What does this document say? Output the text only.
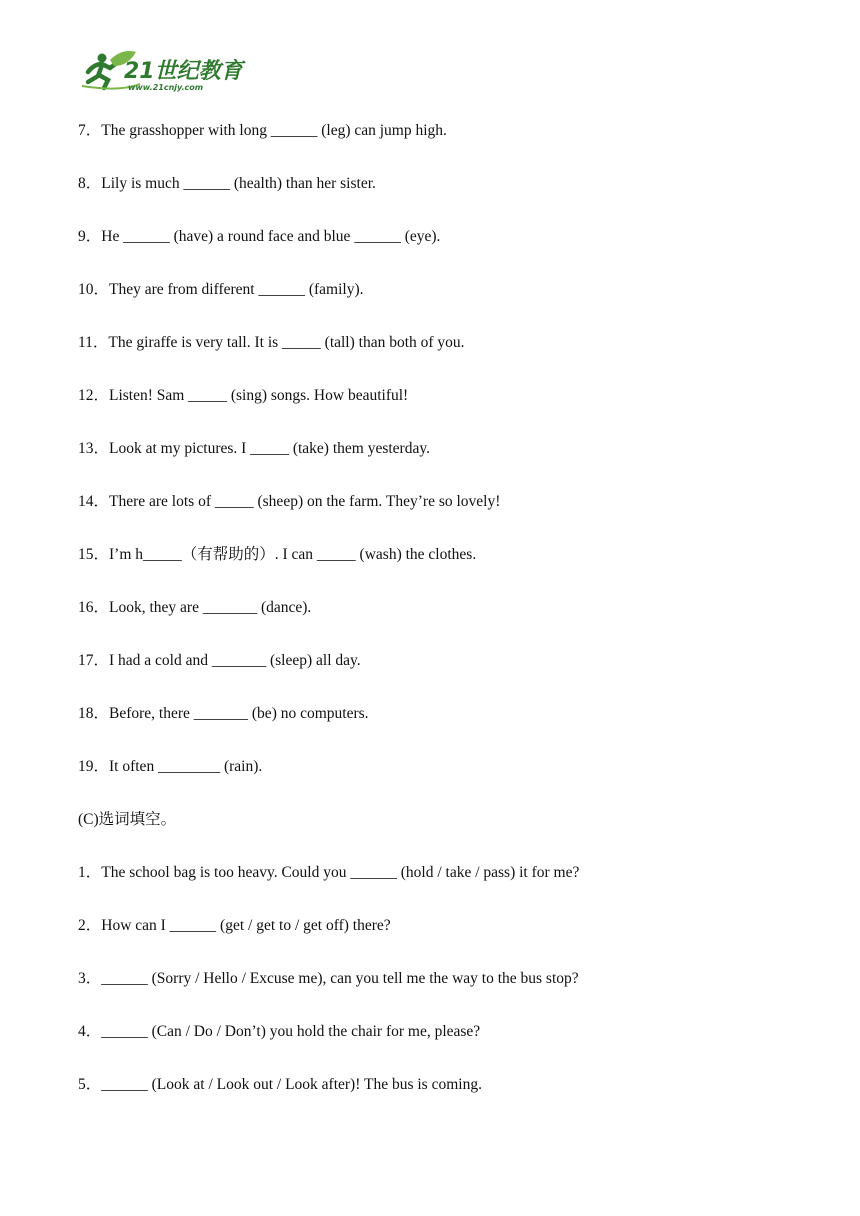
21世纪教育
www.21cnjy.com
7．The grasshopper with long ______ (leg) can jump high.
8．Lily is much ______ (health) than her sister.
9．He ______ (have) a round face and blue ______ (eye).
10．They are from different ______ (family).
11．The giraffe is very tall. It is _____ (tall) than both of you.
12．Listen! Sam _____ (sing) songs. How beautiful!
13．Look at my pictures. I _____ (take) them yesterday.
14．There are lots of _____ (sheep) on the farm. They’re so lovely!
15．I’m h_____（有帮助的）. I can _____ (wash) the clothes.
16．Look, they are _______ (dance).
17．I had a cold and _______ (sleep) all day.
18．Before, there _______ (be) no computers.
19．It often ________ (rain).
(C)选词填空。
1．The school bag is too heavy. Could you ______ (hold / take / pass) it for me?
2．How can I ______ (get / get to / get off) there?
3．______ (Sorry / Hello / Excuse me), can you tell me the way to the bus stop?
4．______ (Can / Do / Don’t) you hold the chair for me, please?
5．______ (Look at / Look out / Look after)! The bus is coming.
